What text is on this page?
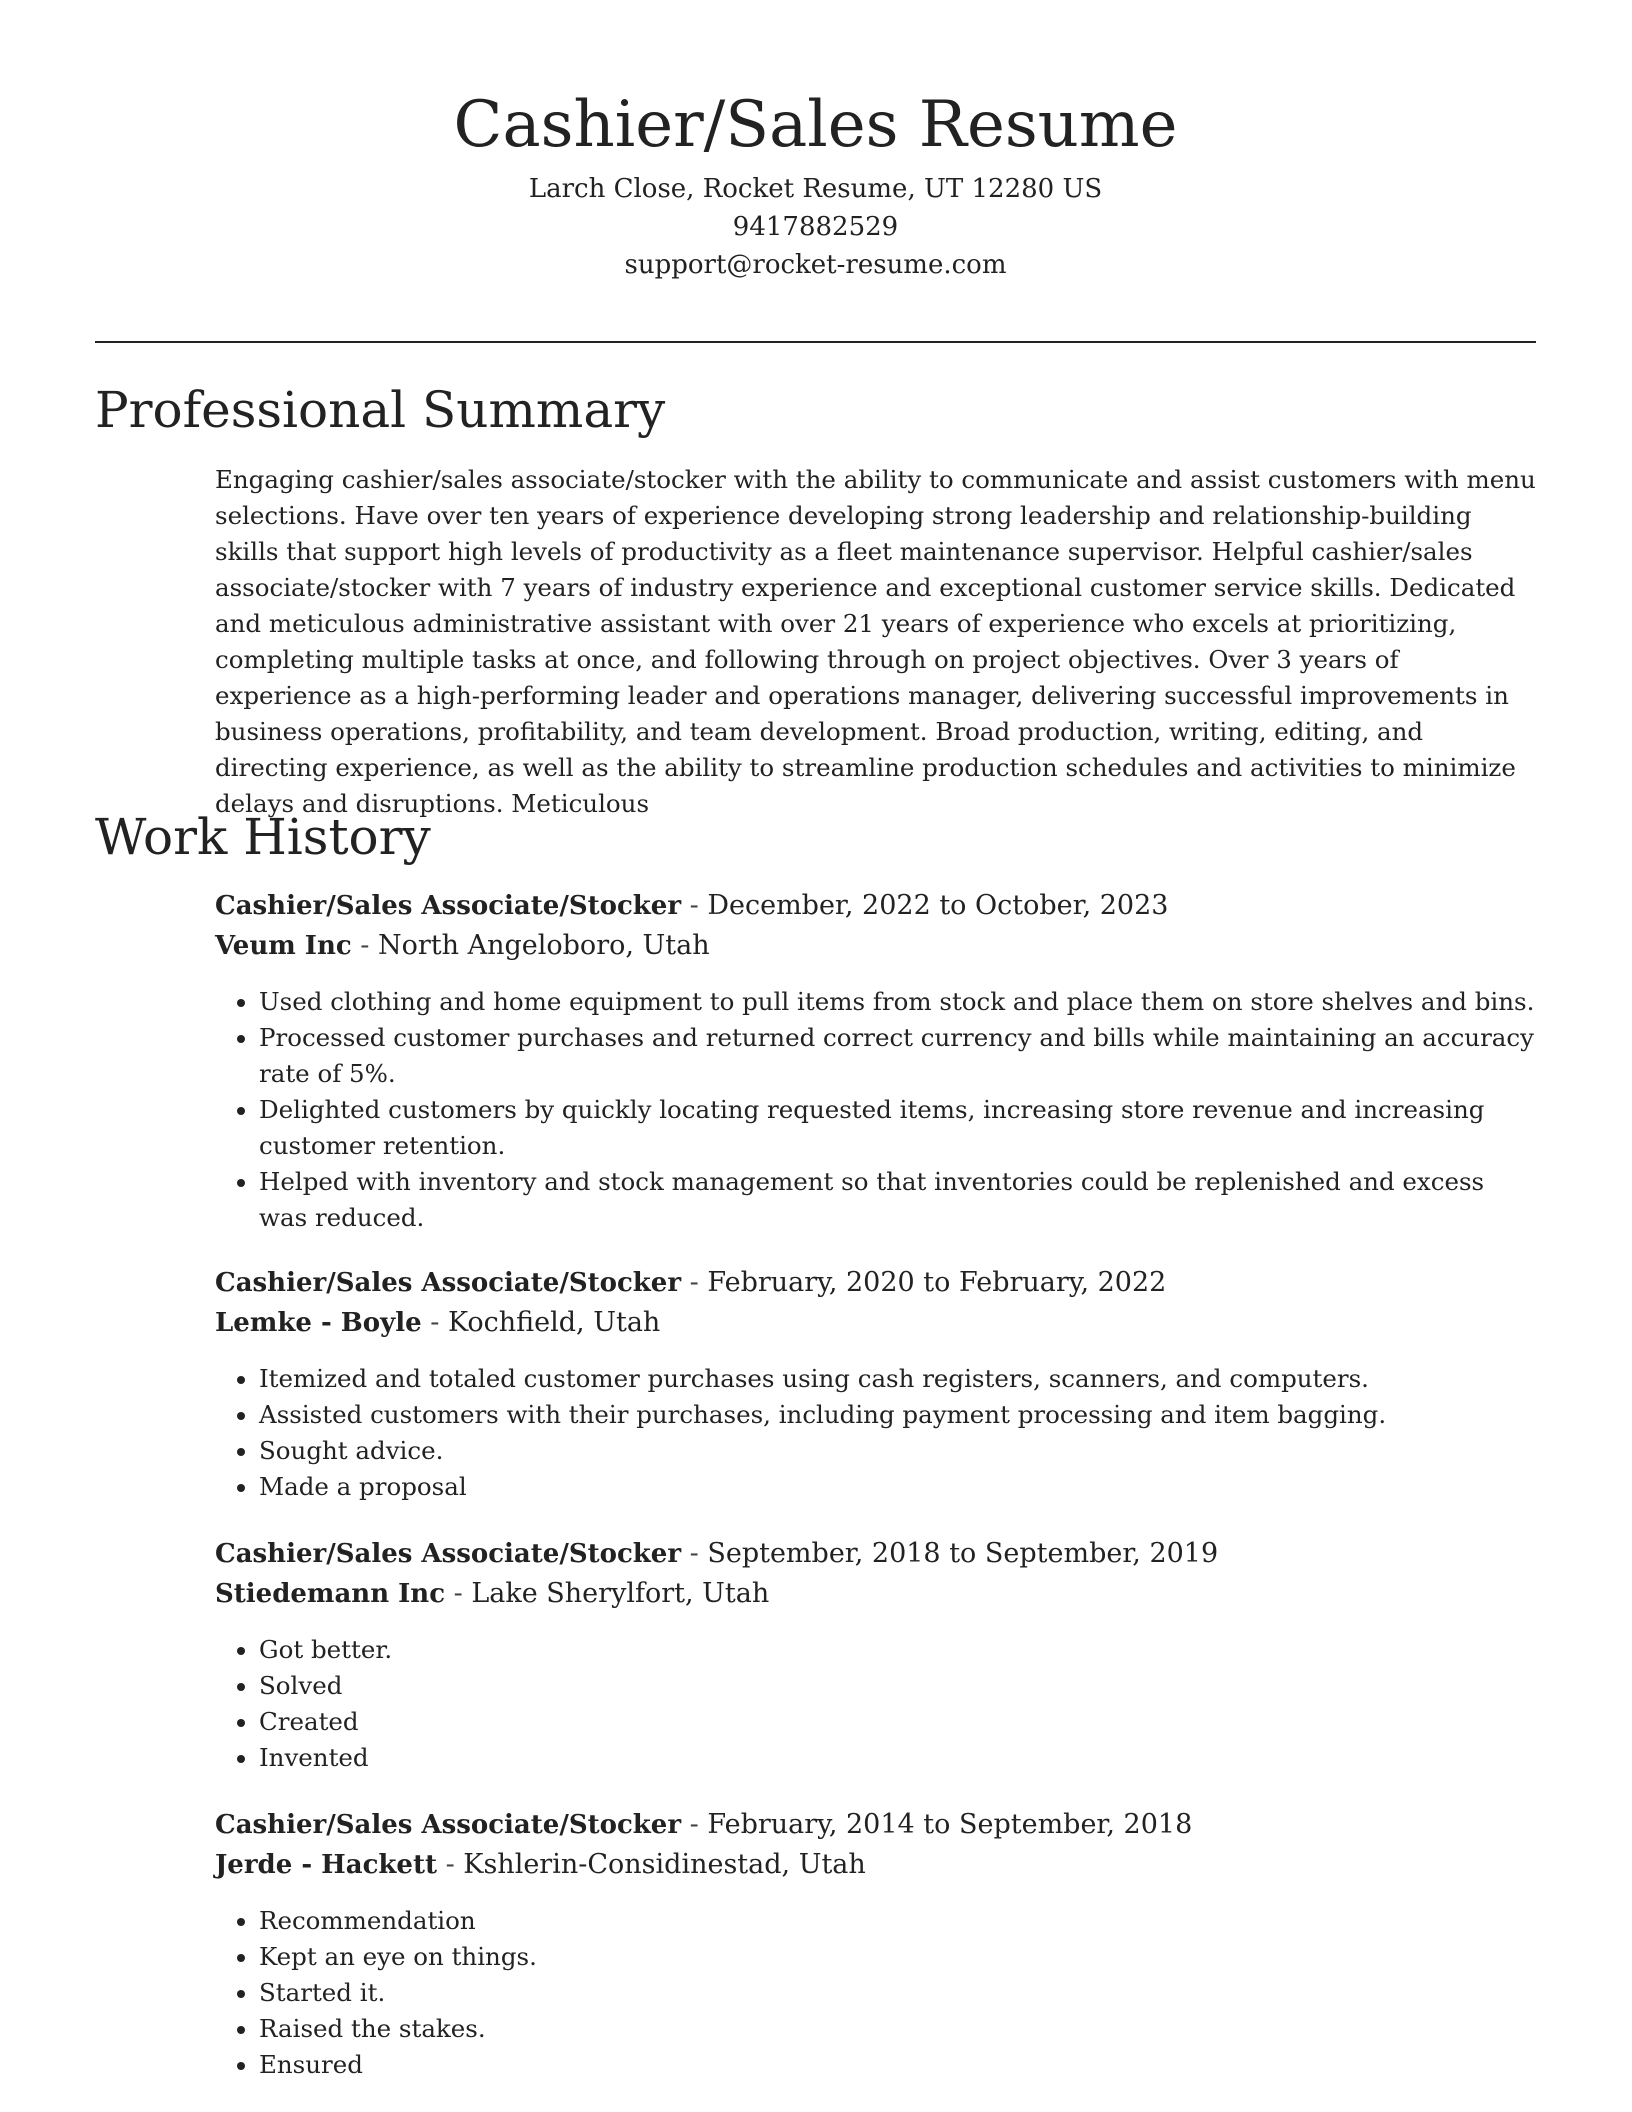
Cashier/Sales Resume

Larch Close, Rocket Resume, UT 12280 US

9417882529

support@rocket-resume.com

Professional Summary

Engaging cashier/sales associate/stocker with the ability to communicate and assist customers with menu selections. Have over ten years of experience developing strong leadership and relationship-building skills that support high levels of productivity as a fleet maintenance supervisor. Helpful cashier/sales associate/stocker with 7 years of industry experience and exceptional customer service skills. Dedicated and meticulous administrative assistant with over 21 years of experience who excels at prioritizing, completing multiple tasks at once, and following through on project objectives. Over 3 years of experience as a high-performing leader and operations manager, delivering successful improvements in business operations, profitability, and team development. Broad production, writing, editing, and directing experience, as well as the ability to streamline production schedules and activities to minimize delays and disruptions. Meticulous

Work History

Cashier/Sales Associate/Stocker - December, 2022 to October, 2023

Veum Inc - North Angeloboro, Utah

• Used clothing and home equipment to pull items from stock and place them on store shelves and bins.
• Processed customer purchases and returned correct currency and bills while maintaining an accuracy rate of 5%.
• Delighted customers by quickly locating requested items, increasing store revenue and increasing customer retention.
• Helped with inventory and stock management so that inventories could be replenished and excess was reduced.

Cashier/Sales Associate/Stocker - February, 2020 to February, 2022

Lemke - Boyle - Kochfield, Utah

• Itemized and totaled customer purchases using cash registers, scanners, and computers.
• Assisted customers with their purchases, including payment processing and item bagging.
• Sought advice.
• Made a proposal

Cashier/Sales Associate/Stocker - September, 2018 to September, 2019

Stiedemann Inc - Lake Sherylfort, Utah

• Got better.
• Solved
• Created
• Invented

Cashier/Sales Associate/Stocker - February, 2014 to September, 2018

Jerde - Hackett - Kshlerin-Considinestad, Utah

• Recommendation
• Kept an eye on things.
• Started it.
• Raised the stakes.
• Ensured
